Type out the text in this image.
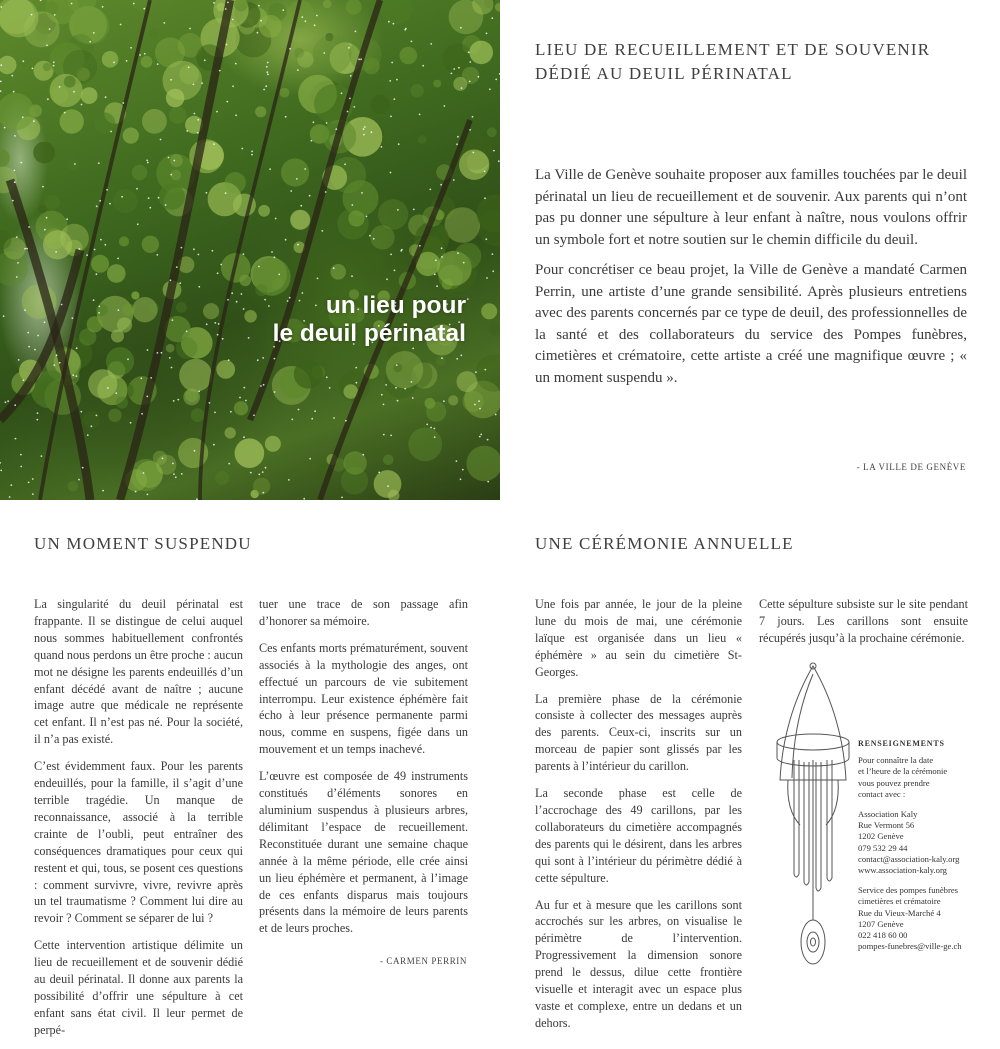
un lieu pour
le deuil périnatal
LIEU DE RECUEILLEMENT ET DE SOUVENIR
DÉDIÉ AU DEUIL PÉRINATAL

La Ville de Genève souhaite proposer aux familles touchées par le deuil périnatal un lieu de recueillement et de souvenir. Aux parents qui n’ont pas pu donner une sépulture à leur enfant à naître, nous voulons offrir un symbole fort et notre soutien sur le chemin difficile du deuil.

Pour concrétiser ce beau projet, la Ville de Genève a mandaté Carmen Perrin, une artiste d’une grande sensibilité. Après plusieurs entretiens avec des parents concernés par ce type de deuil, des professionnelles de la santé et des collaborateurs du service des Pompes funèbres, cimetières et crématoire, cette artiste a créé une magnifique œuvre ; « un moment suspendu ».

- LA VILLE DE GENÈVE
UN MOMENT SUSPENDU

La singularité du deuil périnatal est frappante. Il se distingue de celui auquel nous sommes habituellement confrontés quand nous perdons un être proche : aucun mot ne désigne les parents endeuillés d’un enfant décédé avant de naître ; aucune image autre que médicale ne représente cet enfant. Il n’est pas né. Pour la société, il n’a pas existé.

C’est évidemment faux. Pour les parents endeuillés, pour la famille, il s’agit d’une terrible tragédie. Un manque de reconnaissance, associé à la terrible crainte de l’oubli, peut entraîner des conséquences dramatiques pour ceux qui restent et qui, tous, se posent ces questions : comment survivre, vivre, revivre après un tel traumatisme ? Comment lui dire au revoir ? Comment se séparer de lui ?

Cette intervention artistique délimite un lieu de recueillement et de souvenir dédié au deuil périnatal. Il donne aux parents la possibilité d’offrir une sépulture à cet enfant sans état civil. Il leur permet de perpé-

tuer une trace de son passage afin d’honorer sa mémoire.

Ces enfants morts prématurément, souvent associés à la mythologie des anges, ont effectué un parcours de vie subitement interrompu. Leur existence éphémère fait écho à leur présence permanente parmi nous, comme en suspens, figée dans un mouvement et un temps inachevé.

L’œuvre est composée de 49 instruments constitués d’éléments sonores en aluminium suspendus à plusieurs arbres, délimitant l’espace de recueillement. Reconstituée durant une semaine chaque année à la même période, elle crée ainsi un lieu éphémère et permanent, à l’image de ces enfants disparus mais toujours présents dans la mémoire de leurs parents et de leurs proches.

- CARMEN PERRIN
UNE CÉRÉMONIE ANNUELLE

Une fois par année, le jour de la pleine lune du mois de mai, une cérémonie laïque est organisée dans un lieu « éphémère » au sein du cimetière St-Georges.

La première phase de la cérémonie consiste à collecter des messages auprès des parents. Ceux-ci, inscrits sur un morceau de papier sont glissés par les parents à l’intérieur du carillon.

La seconde phase est celle de l’accrochage des 49 carillons, par les collaborateurs du cimetière accompagnés des parents qui le désirent, dans les arbres qui sont à l’intérieur du périmètre dédié à cette sépulture.

Au fur et à mesure que les carillons sont accrochés sur les arbres, on visualise le périmètre de l’intervention. Progressivement la dimension sonore prend le dessus, dilue cette frontière visuelle et interagit avec un espace plus vaste et complexe, entre un dedans et un dehors.

Cette sépulture subsiste sur le site pendant 7 jours. Les carillons sont ensuite récupérés jusqu’à la prochaine cérémonie.

RENSEIGNEMENTS
Pour connaître la date
et l’heure de la cérémonie
vous pouvez prendre
contact avec :
Association Kaly
Rue Vermont 56
1202 Genève
079 532 29 44
contact@association-kaly.org
www.association-kaly.org
Service des pompes funèbres
cimetières et crématoire
Rue du Vieux-Marché 4
1207 Genève
022 418 60 00
pompes-funebres@ville-ge.ch
